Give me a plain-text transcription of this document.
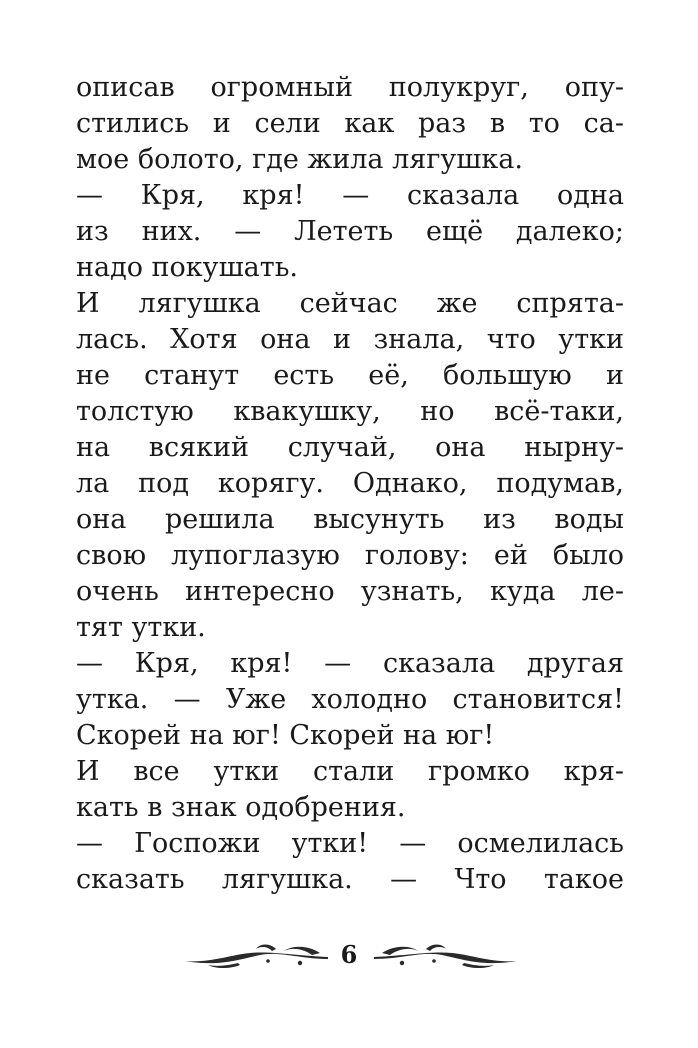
описав огромный полукруг, опу-
стились и сели как раз в то са-
мое болото, где жила лягушка.
— Кря, кря! — сказала одна
из них. — Лететь ещё далеко;
надо покушать.
И лягушка сейчас же спрята-
лась. Хотя она и знала, что утки
не станут есть её, большую и
толстую квакушку, но всё-таки,
на всякий случай, она нырну-
ла под корягу. Однако, подумав,
она решила высунуть из воды
свою лупоглазую голову: ей было
очень интересно узнать, куда ле-
тят утки.
— Кря, кря! — сказала другая
утка. — Уже холодно становится!
Скорей на юг! Скорей на юг!
И все утки стали громко кря-
кать в знак одобрения.
— Госпожи утки! — осмелилась
сказать лягушка. — Что такое
6
